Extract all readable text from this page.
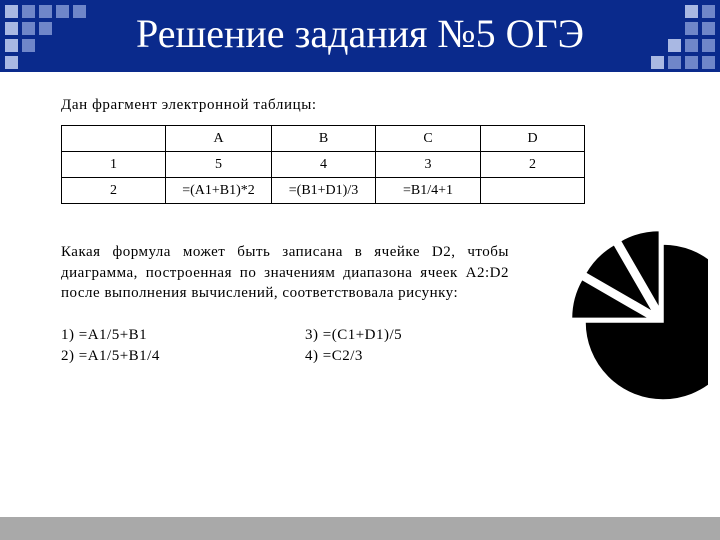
Решение задания №5 ОГЭ
Дан фрагмент электронной таблицы:
	A	B	C	D
1	5	4	3	2
2	=(A1+B1)*2	=(B1+D1)/3	=B1/4+1	
Какая формула может быть записана в ячейке D2, чтобы диаграмма, построенная по значениям диапазона ячеек A2:D2 после выполнения вычислений, соответствовала рисунку:
1) =A1/5+B1
2) =A1/5+B1/4
3) =(C1+D1)/5
4) =C2/3
